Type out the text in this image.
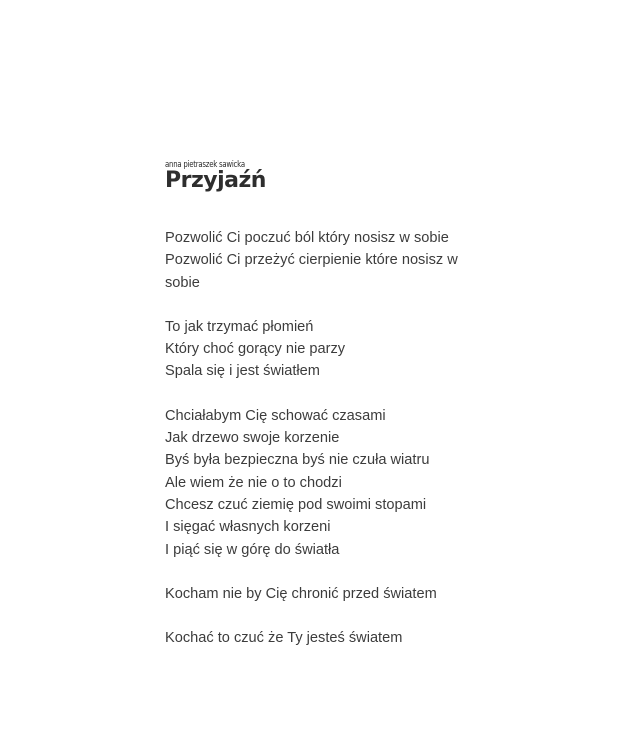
anna pietraszek sawicka
Przyjaźń
Pozwolić Ci poczuć ból który nosisz w sobie
Pozwolić Ci przeżyć cierpienie które nosisz w
sobie
To jak trzymać płomień
Który choć gorący nie parzy
Spala się i jest światłem
Chciałabym Cię schować czasami
Jak drzewo swoje korzenie
Byś była bezpieczna byś nie czuła wiatru
Ale wiem że nie o to chodzi
Chcesz czuć ziemię pod swoimi stopami
I sięgać własnych korzeni
I piąć się w górę do światła
Kocham nie by Cię chronić przed światem
Kochać to czuć że Ty jesteś światem
